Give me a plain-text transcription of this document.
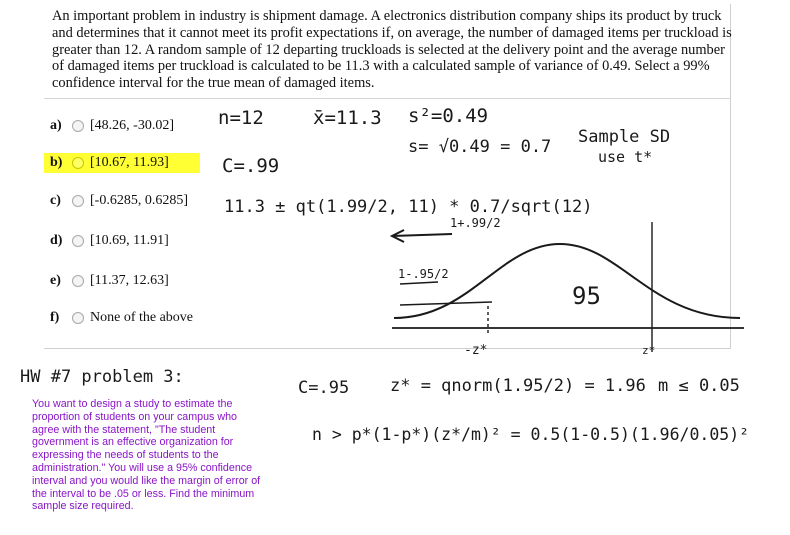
An important problem in industry is shipment damage. A electronics distribution company ships its product by truck and determines that it cannot meet its profit expectations if, on average, the number of damaged items per truckload is greater than 12. A random sample of 12 departing truckloads is selected at the delivery point and the average number of damaged items per truckload is calculated to be 11.3 with a calculated sample of variance of 0.49. Select a 99% confidence interval for the true mean of damaged items.
a)	[48.26, -30.02]
b)	[10.67, 11.93]
c)	[-0.6285, 0.6285]
d)	[10.69, 11.91]
e)	[11.37, 12.63]
f)	None of the above
n=12	x̄=11.3 s²=0.49
s= √0.49 = 0.7 Sample SD
use t*
C=.99
11.3 ± qt(1.99/2, 11) * 0.7/sqrt(12)
1+.99/2
1-.95/2
95
-z*	z*
HW #7 problem 3:
C=.95 z* = qnorm(1.95/2) = 1.96 m ≤ 0.05
n > p*(1-p*)(z*/m)² = 0.5(1-0.5)(1.96/0.05)²
You want to design a study to estimate the proportion of students on your campus who agree with the statement, "The student government is an effective organization for expressing the needs of students to the administration." You will use a 95% confidence interval and you would like the margin of error of the interval to be .05 or less. Find the minimum sample size required.
